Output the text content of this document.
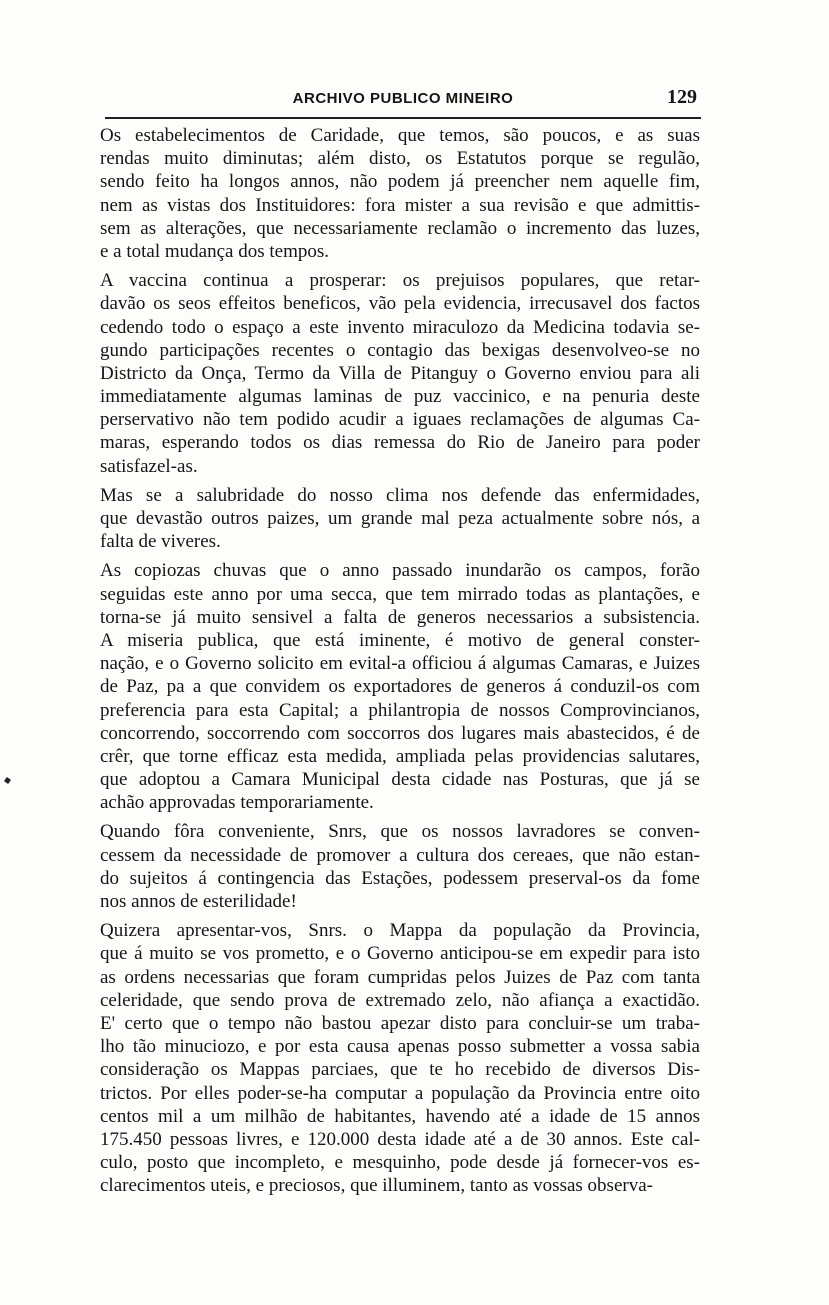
ARCHIVO PUBLICO MINEIRO	129
Os estabelecimentos de Caridade, que temos, são poucos, e as suas
rendas muito diminutas; além disto, os Estatutos porque se regulão,
sendo feito ha longos annos, não podem já preencher nem aquelle fim,
nem as vistas dos Instituidores: fora mister a sua revisão e que admittis-
sem as alterações, que necessariamente reclamão o incremento das luzes,
e a total mudança dos tempos.
A vaccina continua a prosperar: os prejuisos populares, que retar-
davão os seos effeitos beneficos, vão pela evidencia, irrecusavel dos factos
cedendo todo o espaço a este invento miraculozo da Medicina todavia se-
gundo participações recentes o contagio das bexigas desenvolveo-se no
Districto da Onça, Termo da Villa de Pitanguy o Governo enviou para ali
immediatamente algumas laminas de puz vaccinico, e na penuria deste
perservativo não tem podido acudir a iguaes reclamações de algumas Ca-
maras, esperando todos os dias remessa do Rio de Janeiro para poder
satisfazel-as.
Mas se a salubridade do nosso clima nos defende das enfermidades,
que devastão outros paizes, um grande mal peza actualmente sobre nós, a
falta de viveres.
As copiozas chuvas que o anno passado inundarão os campos, forão
seguidas este anno por uma secca, que tem mirrado todas as plantações, e
torna-se já muito sensivel a falta de generos necessarios a subsistencia.
A miseria publica, que está iminente, é motivo de general conster-
nação, e o Governo solicito em evital-a officiou á algumas Camaras, e Juizes
de Paz, pa a que convidem os exportadores de generos á conduzil-os com
preferencia para esta Capital; a philantropia de nossos Comprovincianos,
concorrendo, soccorrendo com soccorros dos lugares mais abastecidos, é de
crêr, que torne efficaz esta medida, ampliada pelas providencias salutares,
que adoptou a Camara Municipal desta cidade nas Posturas, que já se
achão approvadas temporariamente.
Quando fôra conveniente, Snrs, que os nossos lavradores se conven-
cessem da necessidade de promover a cultura dos cereaes, que não estan-
do sujeitos á contingencia das Estações, podessem preserval-os da fome
nos annos de esterilidade!
Quizera apresentar-vos, Snrs. o Mappa da população da Provincia,
que á muito se vos prometto, e o Governo anticipou-se em expedir para isto
as ordens necessarias que foram cumpridas pelos Juizes de Paz com tanta
celeridade, que sendo prova de extremado zelo, não afiança a exactidão.
E' certo que o tempo não bastou apezar disto para concluir-se um traba-
lho tão minuciozo, e por esta causa apenas posso submetter a vossa sabia
consideração os Mappas parciaes, que te ho recebido de diversos Dis-
trictos. Por elles poder-se-ha computar a população da Provincia entre oito
centos mil a um milhão de habitantes, havendo até a idade de 15 annos
175.450 pessoas livres, e 120.000 desta idade até a de 30 annos. Este cal-
culo, posto que incompleto, e mesquinho, pode desde já fornecer-vos es-
clarecimentos uteis, e preciosos, que illuminem, tanto as vossas observa-
